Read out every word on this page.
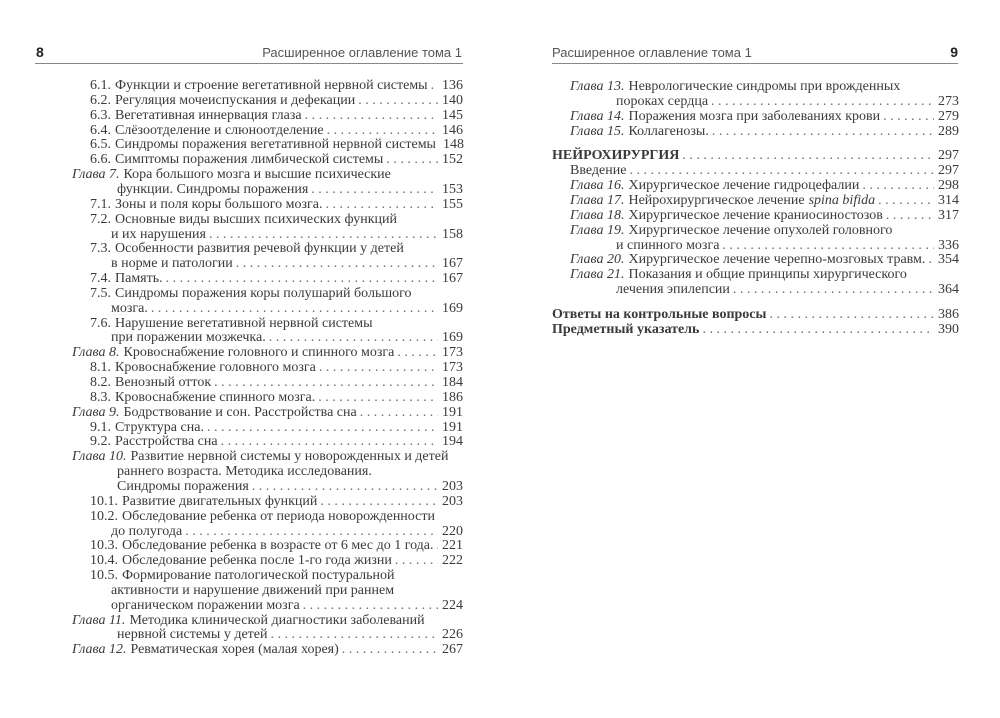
8	Расширенное оглавление тома 1
6.1. Функции и строение вегетативной нервной системы . . . 136
6.2. Регуляция мочеиспускания и дефекации . . .	140
6.3. Вегетативная иннервация глаза . . .	145
6.4. Слёзоотделение и слюноотделение . . .	146
6.5. Синдромы поражения вегетативной нервной системы 148
6.6. Симптомы поражения лимбической системы . . .	152
Глава 7. Кора большого мозга и высшие психические
функции. Синдромы поражения . . .	153
7.1. Зоны и поля коры большого мозга. . . .	155
7.2. Основные виды высших психических функций
и их нарушения . . .	158
7.3. Особенности развития речевой функции у детей
в норме и патологии . . .	167
7.4. Память. . . .	167
7.5. Синдромы поражения коры полушарий большого
мозга. . . .	169
7.6. Нарушение вегетативной нервной системы
при поражении мозжечка. . . .	169
Глава 8. Кровоснабжение головного и спинного мозга . . .	173
8.1. Кровоснабжение головного мозга . . .	173
8.2. Венозный отток . . .	184
8.3. Кровоснабжение спинного мозга. . . .	186
Глава 9. Бодрствование и сон. Расстройства сна . . .	191
9.1. Структура сна. . . .	191
9.2. Расстройства сна . . .	194
Глава 10. Развитие нервной системы у новорожденных и детей
раннего возраста. Методика исследования.
Синдромы поражения . . .	203
10.1. Развитие двигательных функций . . .	203
10.2. Обследование ребенка от периода новорожденности
до полугода . . .	220
10.3. Обследование ребенка в возрасте от 6 мес до 1 года. . . . 221
10.4. Обследование ребенка после 1-го года жизни . . .	222
10.5. Формирование патологической постуральной
активности и нарушение движений при раннем
органическом поражении мозга . . .	224
Глава 11. Методика клинической диагностики заболеваний
нервной системы у детей . . .	226
Глава 12. Ревматическая хорея (малая хорея) . . .	267
Расширенное оглавление тома 1	9
Глава 13. Неврологические синдромы при врожденных
пороках сердца . . .	273
Глава 14. Поражения мозга при заболеваниях крови . . .	279
Глава 15. Коллагенозы. . . .	289
НЕЙРОХИРУРГИЯ . . .	297
Введение . . .	297
Глава 16. Хирургическое лечение гидроцефалии . . .	298
Глава 17. Нейрохирургическое лечение spina bifida . . .	314
Глава 18. Хирургическое лечение краниосиностозов . . .	317
Глава 19. Хирургическое лечение опухолей головного
и спинного мозга . . .	336
Глава 20. Хирургическое лечение черепно-мозговых травм. . . . 354
Глава 21. Показания и общие принципы хирургического
лечения эпилепсии . . .	364
Ответы на контрольные вопросы . . .	386
Предметный указатель . . .	390
